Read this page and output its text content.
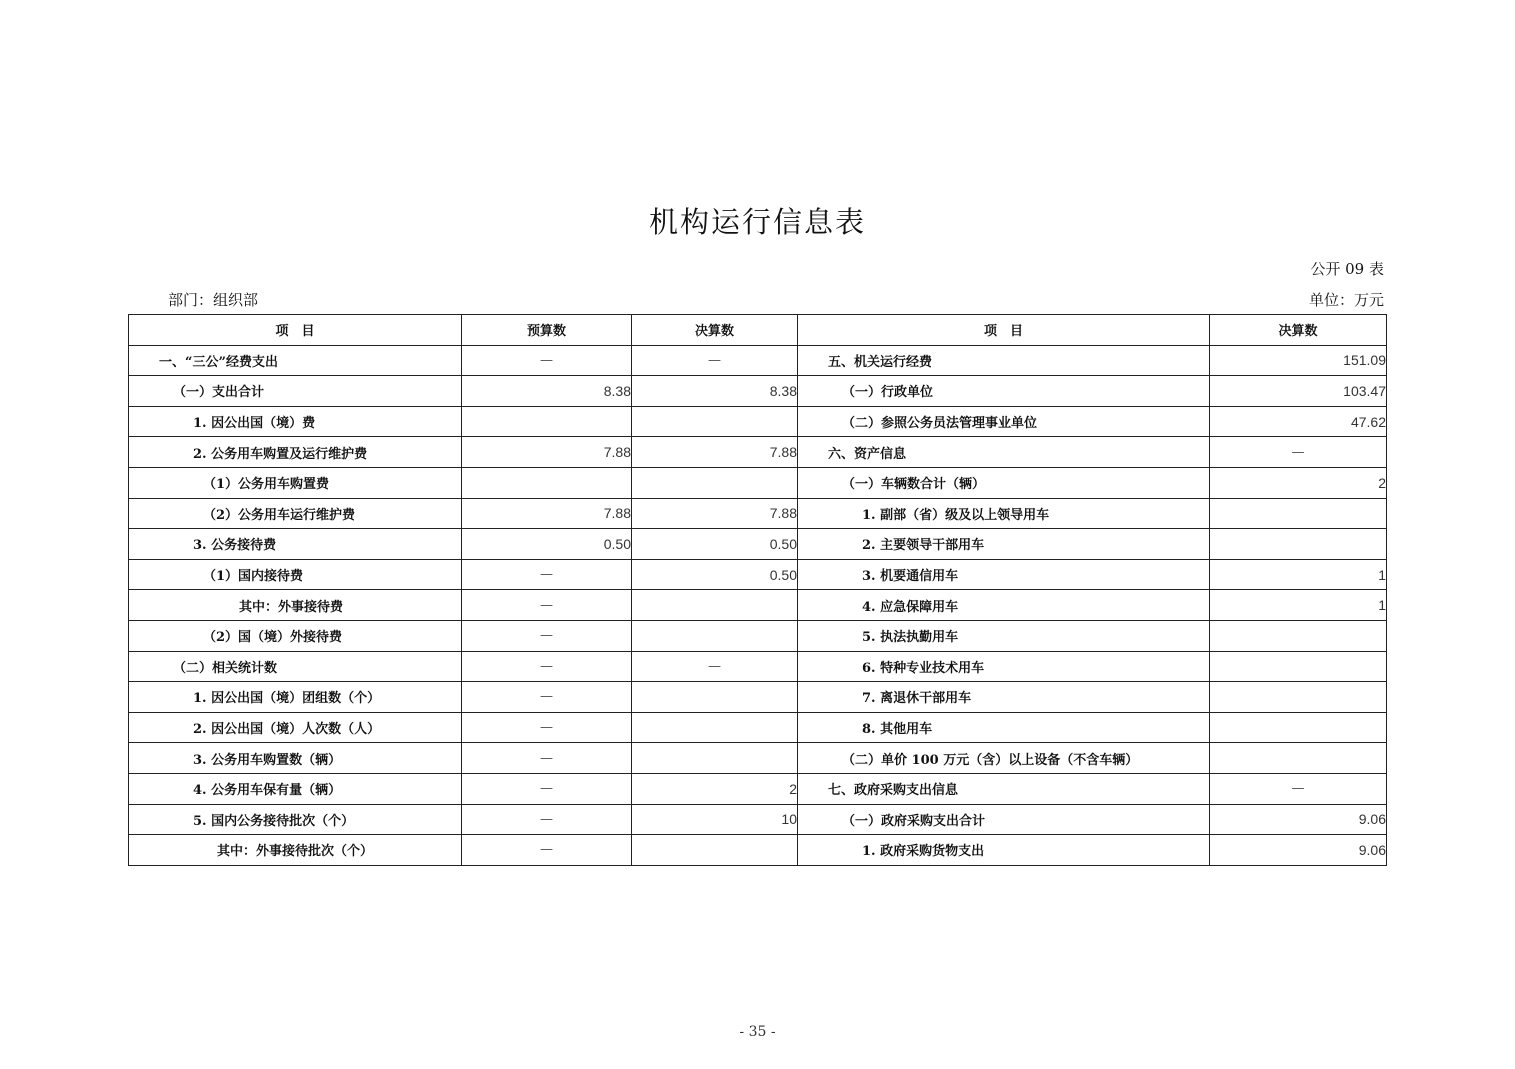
机构运行信息表
公开 09 表
部门：组织部	单位：万元
项　目	预算数	决算数	项　目	决算数
一、“三公”经费支出	—	—	五、机关运行经费	151.09
（一）支出合计	8.38	8.38	（一）行政单位	103.47
1. 因公出国（境）费			（二）参照公务员法管理事业单位	47.62
2. 公务用车购置及运行维护费	7.88	7.88	六、资产信息	—
（1）公务用车购置费			（一）车辆数合计（辆）	2
（2）公务用车运行维护费	7.88	7.88	1. 副部（省）级及以上领导用车	
3. 公务接待费	0.50	0.50	2. 主要领导干部用车	
（1）国内接待费	—	0.50	3. 机要通信用车	1
其中：外事接待费	—		4. 应急保障用车	1
（2）国（境）外接待费	—		5. 执法执勤用车	
（二）相关统计数	—	—	6. 特种专业技术用车	
1. 因公出国（境）团组数（个）	—		7. 离退休干部用车	
2. 因公出国（境）人次数（人）	—		8. 其他用车	
3. 公务用车购置数（辆）	—		（二）单价 100 万元（含）以上设备（不含车辆）	
4. 公务用车保有量（辆）	—	2	七、政府采购支出信息	—
5. 国内公务接待批次（个）	—	10	（一）政府采购支出合计	9.06
其中：外事接待批次（个）	—		1. 政府采购货物支出	9.06
- 35 -
